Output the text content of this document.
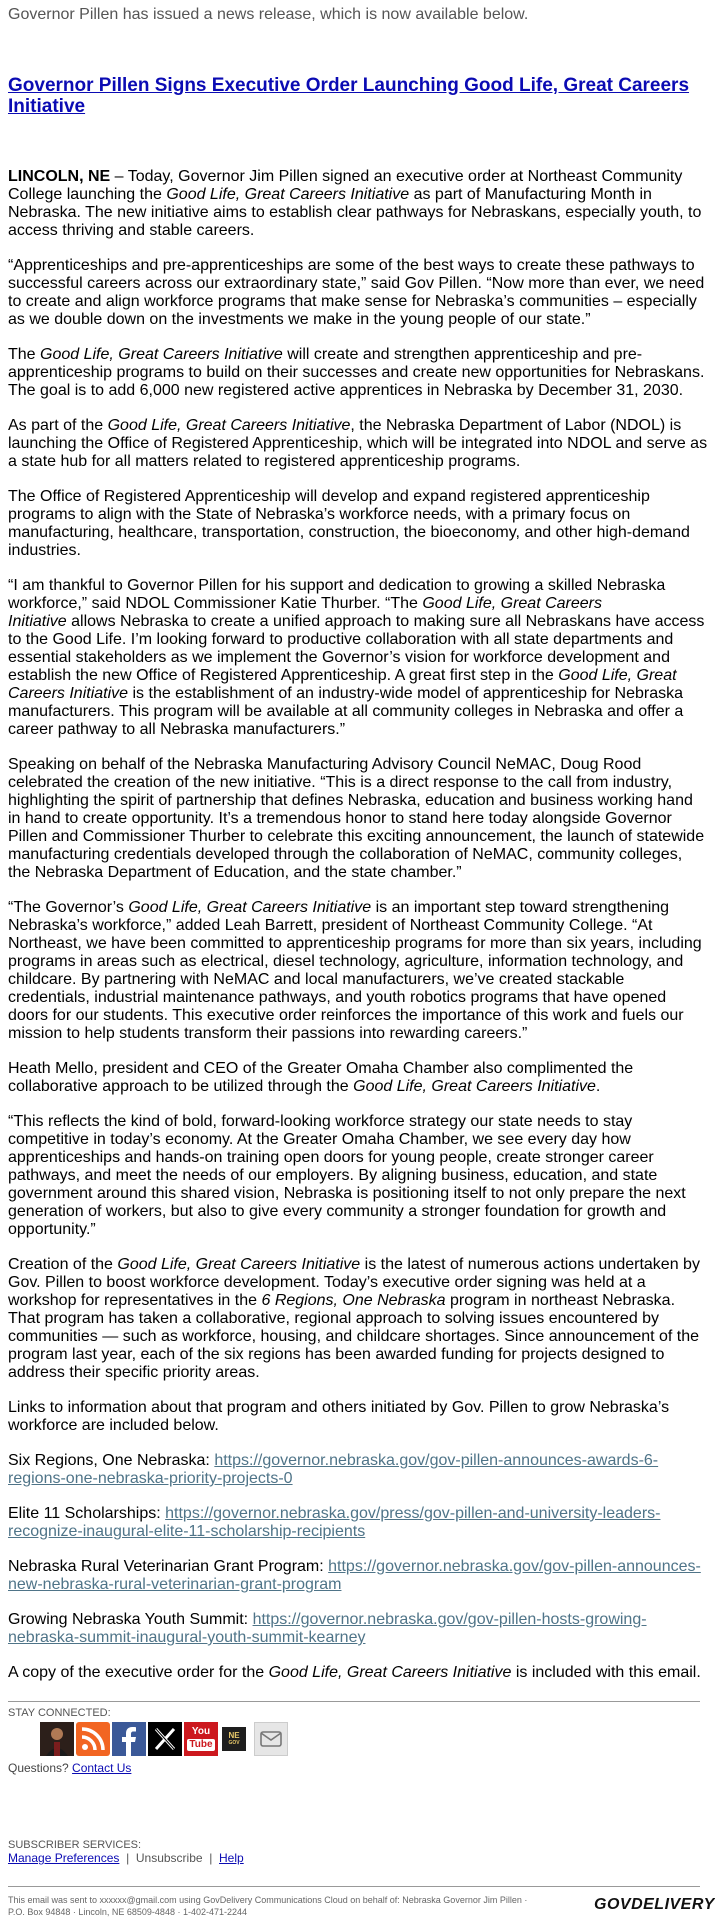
Governor Pillen has issued a news release, which is now available below.
Governor Pillen Signs Executive Order Launching Good Life, Great Careers Initiative

LINCOLN, NE – Today, Governor Jim Pillen signed an executive order at Northeast Community
College launching the Good Life, Great Careers Initiative as part of Manufacturing Month in
Nebraska. The new initiative aims to establish clear pathways for Nebraskans, especially youth, to
access thriving and stable careers.

“Apprenticeships and pre-apprenticeships are some of the best ways to create these pathways to
successful careers across our extraordinary state,” said Gov Pillen. “Now more than ever, we need
to create and align workforce programs that make sense for Nebraska’s communities – especially
as we double down on the investments we make in the young people of our state.”

The Good Life, Great Careers Initiative will create and strengthen apprenticeship and pre-
apprenticeship programs to build on their successes and create new opportunities for Nebraskans.
The goal is to add 6,000 new registered active apprentices in Nebraska by December 31, 2030.

As part of the Good Life, Great Careers Initiative, the Nebraska Department of Labor (NDOL) is
launching the Office of Registered Apprenticeship, which will be integrated into NDOL and serve as
a state hub for all matters related to registered apprenticeship programs.

The Office of Registered Apprenticeship will develop and expand registered apprenticeship
programs to align with the State of Nebraska’s workforce needs, with a primary focus on
manufacturing, healthcare, transportation, construction, the bioeconomy, and other high-demand
industries.

“I am thankful to Governor Pillen for his support and dedication to growing a skilled Nebraska
workforce,” said NDOL Commissioner Katie Thurber. “The Good Life, Great Careers
Initiative allows Nebraska to create a unified approach to making sure all Nebraskans have access
to the Good Life. I’m looking forward to productive collaboration with all state departments and
essential stakeholders as we implement the Governor’s vision for workforce development and
establish the new Office of Registered Apprenticeship. A great first step in the Good Life, Great
Careers Initiative is the establishment of an industry-wide model of apprenticeship for Nebraska
manufacturers. This program will be available at all community colleges in Nebraska and offer a
career pathway to all Nebraska manufacturers.”

Speaking on behalf of the Nebraska Manufacturing Advisory Council NeMAC, Doug Rood
celebrated the creation of the new initiative. “This is a direct response to the call from industry,
highlighting the spirit of partnership that defines Nebraska, education and business working hand
in hand to create opportunity. It’s a tremendous honor to stand here today alongside Governor
Pillen and Commissioner Thurber to celebrate this exciting announcement, the launch of statewide
manufacturing credentials developed through the collaboration of NeMAC, community colleges,
the Nebraska Department of Education, and the state chamber.”

“The Governor’s Good Life, Great Careers Initiative is an important step toward strengthening
Nebraska’s workforce,” added Leah Barrett, president of Northeast Community College. “At
Northeast, we have been committed to apprenticeship programs for more than six years, including
programs in areas such as electrical, diesel technology, agriculture, information technology, and
childcare. By partnering with NeMAC and local manufacturers, we’ve created stackable
credentials, industrial maintenance pathways, and youth robotics programs that have opened
doors for our students. This executive order reinforces the importance of this work and fuels our
mission to help students transform their passions into rewarding careers.”

Heath Mello, president and CEO of the Greater Omaha Chamber also complimented the
collaborative approach to be utilized through the Good Life, Great Careers Initiative.

“This reflects the kind of bold, forward-looking workforce strategy our state needs to stay
competitive in today’s economy. At the Greater Omaha Chamber, we see every day how
apprenticeships and hands-on training open doors for young people, create stronger career
pathways, and meet the needs of our employers. By aligning business, education, and state
government around this shared vision, Nebraska is positioning itself to not only prepare the next
generation of workers, but also to give every community a stronger foundation for growth and
opportunity.”

Creation of the Good Life, Great Careers Initiative is the latest of numerous actions undertaken by
Gov. Pillen to boost workforce development. Today’s executive order signing was held at a
workshop for representatives in the 6 Regions, One Nebraska program in northeast Nebraska.
That program has taken a collaborative, regional approach to solving issues encountered by
communities — such as workforce, housing, and childcare shortages. Since announcement of the
program last year, each of the six regions has been awarded funding for projects designed to
address their specific priority areas.

Links to information about that program and others initiated by Gov. Pillen to grow Nebraska’s
workforce are included below.

Six Regions, One Nebraska: https://governor.nebraska.gov/gov-pillen-announces-awards-6-
regions-one-nebraska-priority-projects-0

Elite 11 Scholarships: https://governor.nebraska.gov/press/gov-pillen-and-university-leaders-
recognize-inaugural-elite-11-scholarship-recipients

Nebraska Rural Veterinarian Grant Program: https://governor.nebraska.gov/gov-pillen-announces-
new-nebraska-rural-veterinarian-grant-program

Growing Nebraska Youth Summit: https://governor.nebraska.gov/gov-pillen-hosts-growing-
nebraska-summit-inaugural-youth-summit-kearney

A copy of the executive order for the Good Life, Great Careers Initiative is included with this email.

STAY CONNECTED:
You
Tube
NE
GOV
Questions? Contact Us
SUBSCRIBER SERVICES:
Manage Preferences  |  Unsubscribe  |  Help
This email was sent to xxxxxx@gmail.com using GovDelivery Communications Cloud on behalf of: Nebraska Governor Jim Pillen ·
P.O. Box 94848 · Lincoln, NE 68509-4848 · 1-402-471-2244	GOVDELIVERY
